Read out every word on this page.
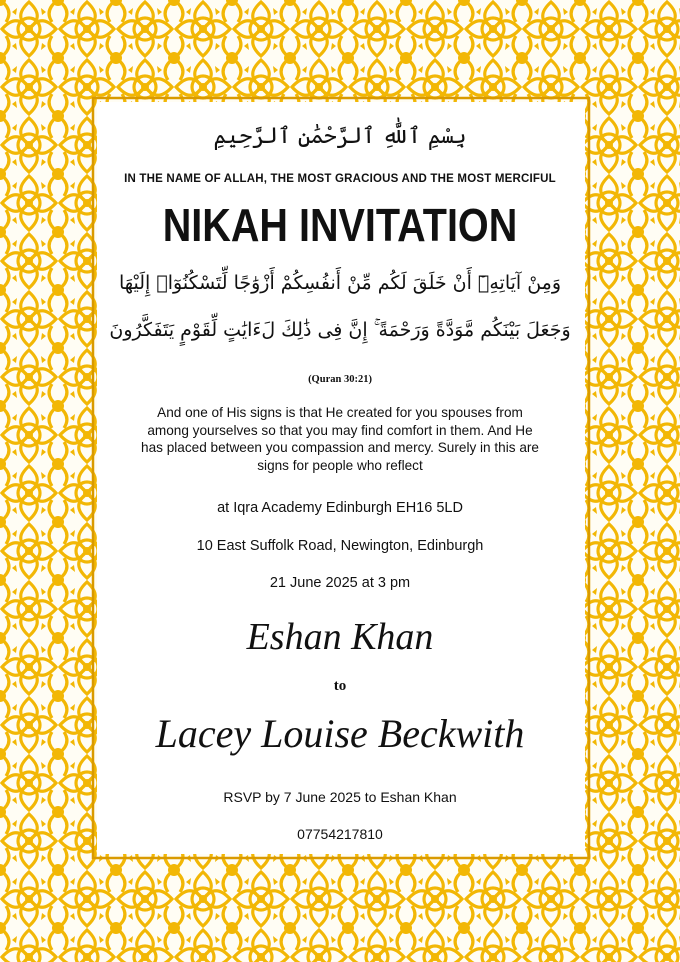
بِسْمِ ٱللَّٰهِ ٱلرَّحْمَٰنِ ٱلرَّحِيمِ
IN THE NAME OF ALLAH, THE MOST GRACIOUS AND THE MOST MERCIFUL
NIKAH INVITATION
وَمِنْ آيَاتِهِۦٓ أَنْ خَلَقَ لَكُم مِّنْ أَنفُسِكُمْ أَزْوَٰجًا لِّتَسْكُنُوٓا۟ إِلَيْهَا
وَجَعَلَ بَيْنَكُم مَّوَدَّةً وَرَحْمَةً ۚ إِنَّ فِى ذَٰلِكَ لَءَايَٰتٍ لِّقَوْمٍ يَتَفَكَّرُونَ
(Quran 30:21)
And one of His signs is that He created for you spouses from among yourselves so that you may find comfort in them. And He has placed between you compassion and mercy. Surely in this are signs for people who reflect
at Iqra Academy Edinburgh EH16 5LD
10 East Suffolk Road, Newington, Edinburgh
21 June 2025 at 3 pm
Eshan Khan
to
Lacey Louise Beckwith
RSVP by 7 June 2025 to Eshan Khan
07754217810
